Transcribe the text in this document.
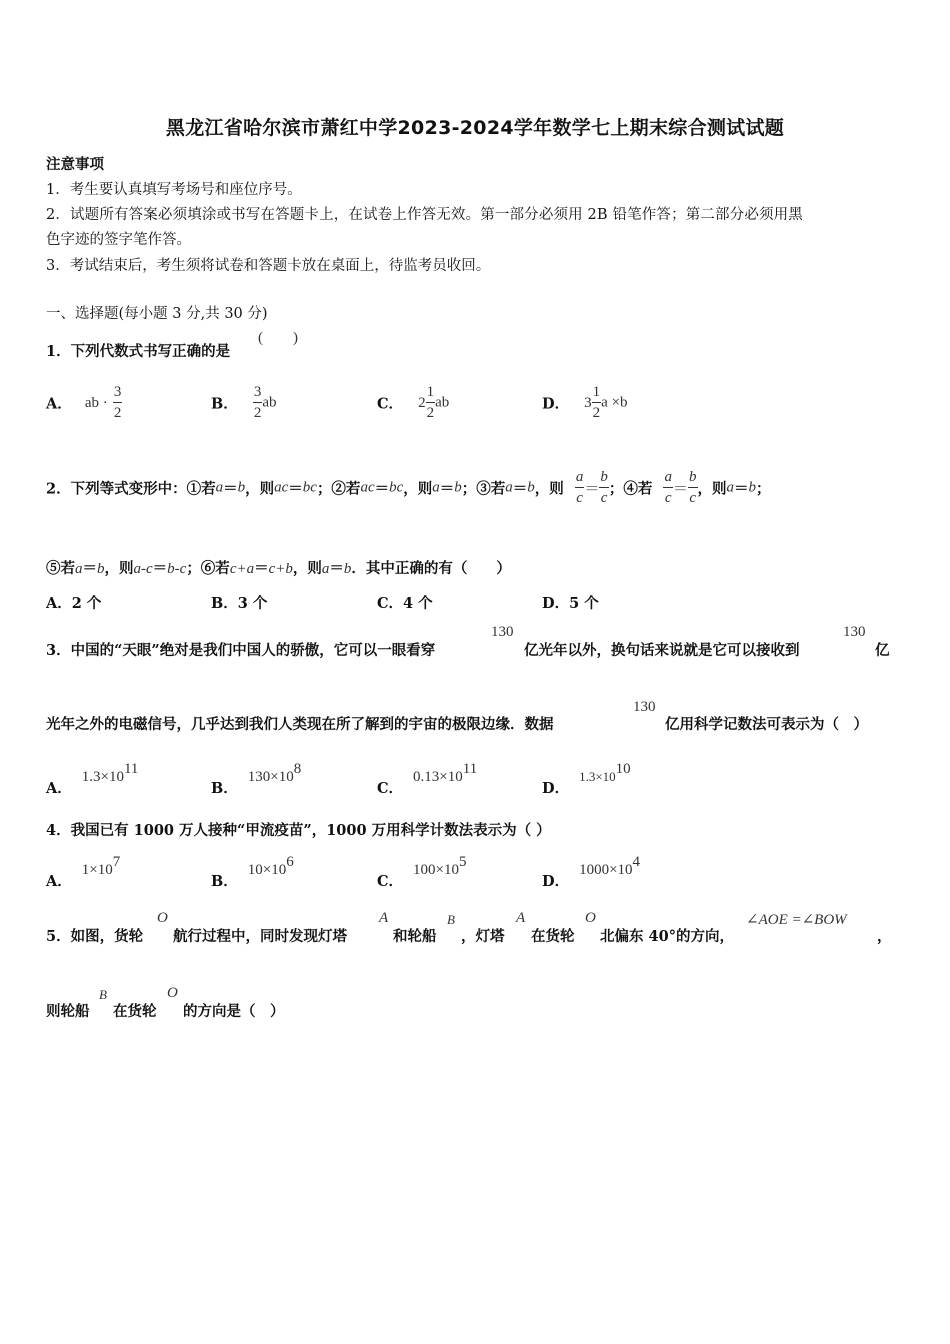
黑龙江省哈尔滨市萧红中学2023-2024学年数学七上期末综合测试试题
注意事项
1．考生要认真填写考场号和座位序号。
2．试题所有答案必须填涂或书写在答题卡上，在试卷上作答无效。第一部分必须用 2B 铅笔作答；第二部分必须用黑
色字迹的签字笔作答。
3．考试结束后，考生须将试卷和答题卡放在桌面上，待监考员收回。
一、选择题(每小题 3 分,共 30 分)
1．下列代数式书写正确的是
(　　)
A． ab · $\frac{3}{2}$	B． $\frac{3}{2}$ ab	C． $2 \frac{1}{2}$ ab	D． $3 \frac{1}{2}$ a ×b
2．下列等式变形中：①若a＝b，则ac＝bc；②若ac＝bc，则a＝b；③若a＝b，则 $\frac{a}{c} = \frac{b}{c}$ ；④若 $\frac{a}{c} = \frac{b}{c}$ ，则a＝b；
⑤若a＝b，则a-c＝b-c；⑥若c+a＝c+b，则a＝b．其中正确的有（　　）
A．2 个	B．3 个	C．4 个	D．5 个
3．中国的“天眼”绝对是我们中国人的骄傲，它可以一眼看穿
130
亿光年以外，换句话来说就是它可以接收到
130
亿
光年之外的电磁信号，几乎达到我们人类现在所了解到的宇宙的极限边缘．数据
130
亿用科学记数法可表示为（　）
A．$1.3\times 10^{11}$
B．$130\times 10^8$
C．$0.13\times 10^{11}$
D．$1.3\times 10^{10}$
4．我国已有 1000 万人接种“甲流疫苗”，1000 万用科学计数法表示为（ ）
A．$1\times 10^7$
B．$10\times 10^6$
C．$100\times 10^5$
D．$1000\times 10^4$
5．如图，货轮
O
航行过程中，同时发现灯塔
A
和轮船
B
，灯塔
A
在货轮
O
北偏东 40°的方向，
∠AOE =∠BOW
，
则轮船
B
在货轮
O
的方向是（　）
